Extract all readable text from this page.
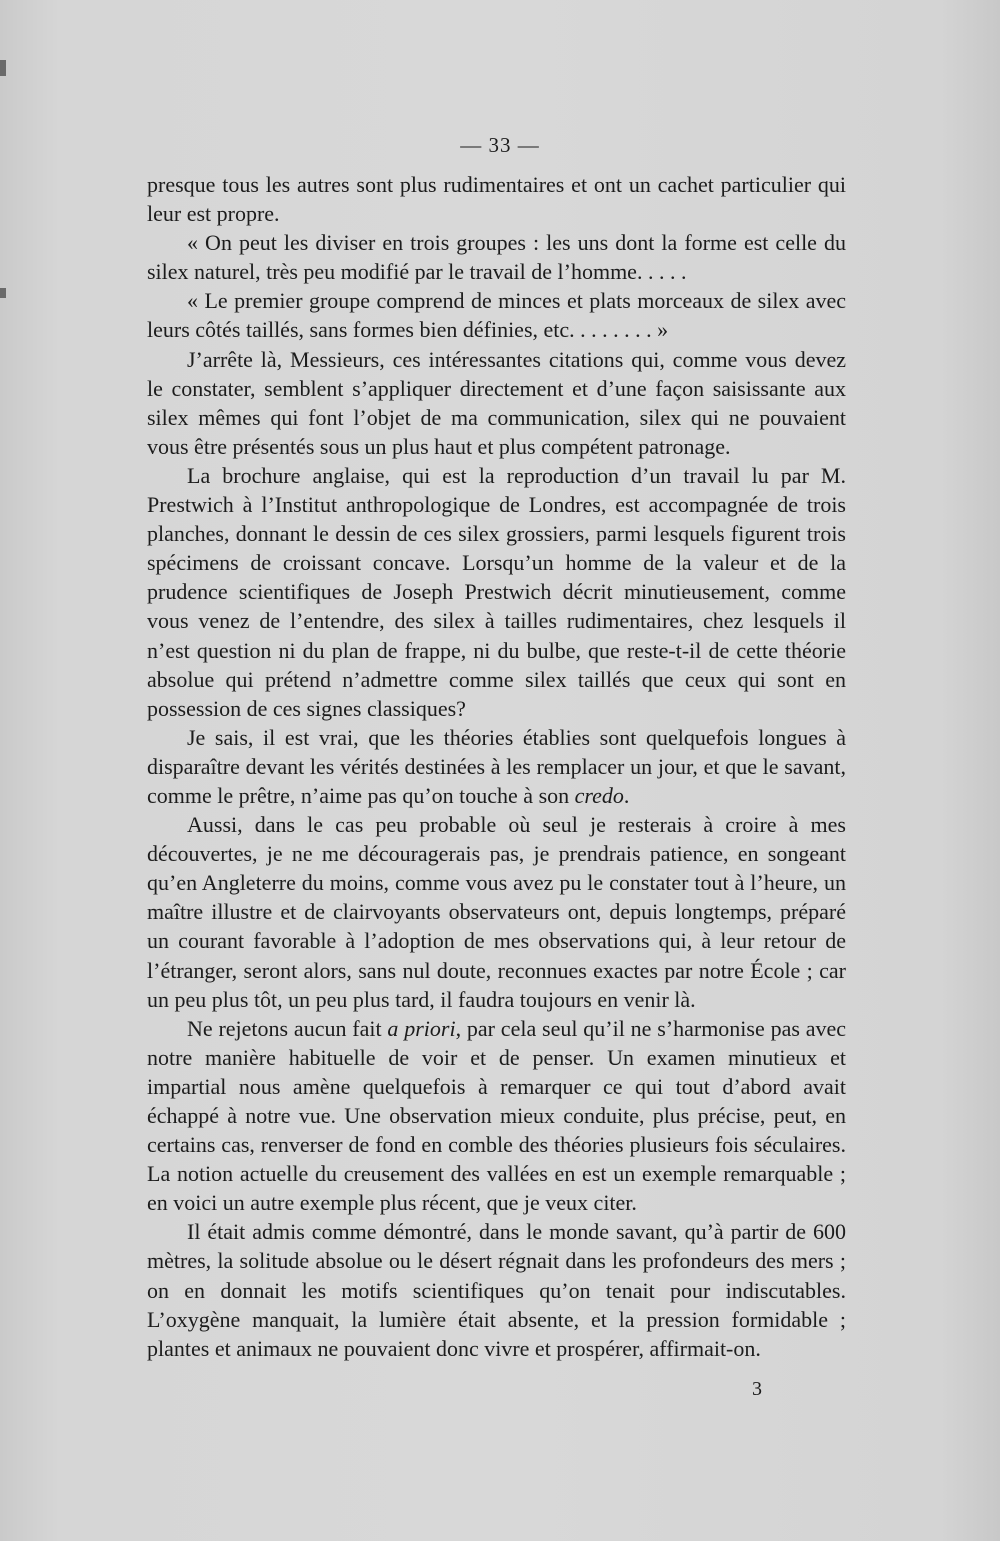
— 33 —

presque tous les autres sont plus rudimentaires et ont un cachet particulier qui leur est propre.

« On peut les diviser en trois groupes : les uns dont la forme est celle du silex naturel, très peu modifié par le travail de l’homme. . . . .

« Le premier groupe comprend de minces et plats morceaux de silex avec leurs côtés taillés, sans formes bien définies, etc. . . . . . . . »

J’arrête là, Messieurs, ces intéressantes citations qui, comme vous devez le constater, semblent s’appliquer directement et d’une façon saisissante aux silex mêmes qui font l’objet de ma communication, silex qui ne pouvaient vous être présentés sous un plus haut et plus compétent patronage.

La brochure anglaise, qui est la reproduction d’un travail lu par M. Prestwich à l’Institut anthropologique de Londres, est accompagnée de trois planches, donnant le dessin de ces silex grossiers, parmi lesquels figurent trois spécimens de croissant concave. Lorsqu’un homme de la valeur et de la prudence scientifiques de Joseph Prestwich décrit minutieusement, comme vous venez de l’entendre, des silex à tailles rudimentaires, chez lesquels il n’est question ni du plan de frappe, ni du bulbe, que reste-t-il de cette théorie absolue qui prétend n’admettre comme silex taillés que ceux qui sont en possession de ces signes classiques?

Je sais, il est vrai, que les théories établies sont quelquefois longues à disparaître devant les vérités destinées à les remplacer un jour, et que le savant, comme le prêtre, n’aime pas qu’on touche à son credo.

Aussi, dans le cas peu probable où seul je resterais à croire à mes découvertes, je ne me découragerais pas, je prendrais patience, en songeant qu’en Angleterre du moins, comme vous avez pu le constater tout à l’heure, un maître illustre et de clairvoyants observateurs ont, depuis longtemps, préparé un courant favorable à l’adoption de mes observations qui, à leur retour de l’étranger, seront alors, sans nul doute, reconnues exactes par notre École ; car un peu plus tôt, un peu plus tard, il faudra toujours en venir là.

Ne rejetons aucun fait a priori, par cela seul qu’il ne s’harmonise pas avec notre manière habituelle de voir et de penser. Un examen minutieux et impartial nous amène quelquefois à remarquer ce qui tout d’abord avait échappé à notre vue. Une observation mieux conduite, plus précise, peut, en certains cas, renverser de fond en comble des théories plusieurs fois séculaires. La notion actuelle du creusement des vallées en est un exemple remarquable ; en voici un autre exemple plus récent, que je veux citer.

Il était admis comme démontré, dans le monde savant, qu’à partir de 600 mètres, la solitude absolue ou le désert régnait dans les profondeurs des mers ; on en donnait les motifs scientifiques qu’on tenait pour indiscutables. L’oxygène manquait, la lumière était absente, et la pression formidable ; plantes et animaux ne pouvaient donc vivre et prospérer, affirmait-on.

3
